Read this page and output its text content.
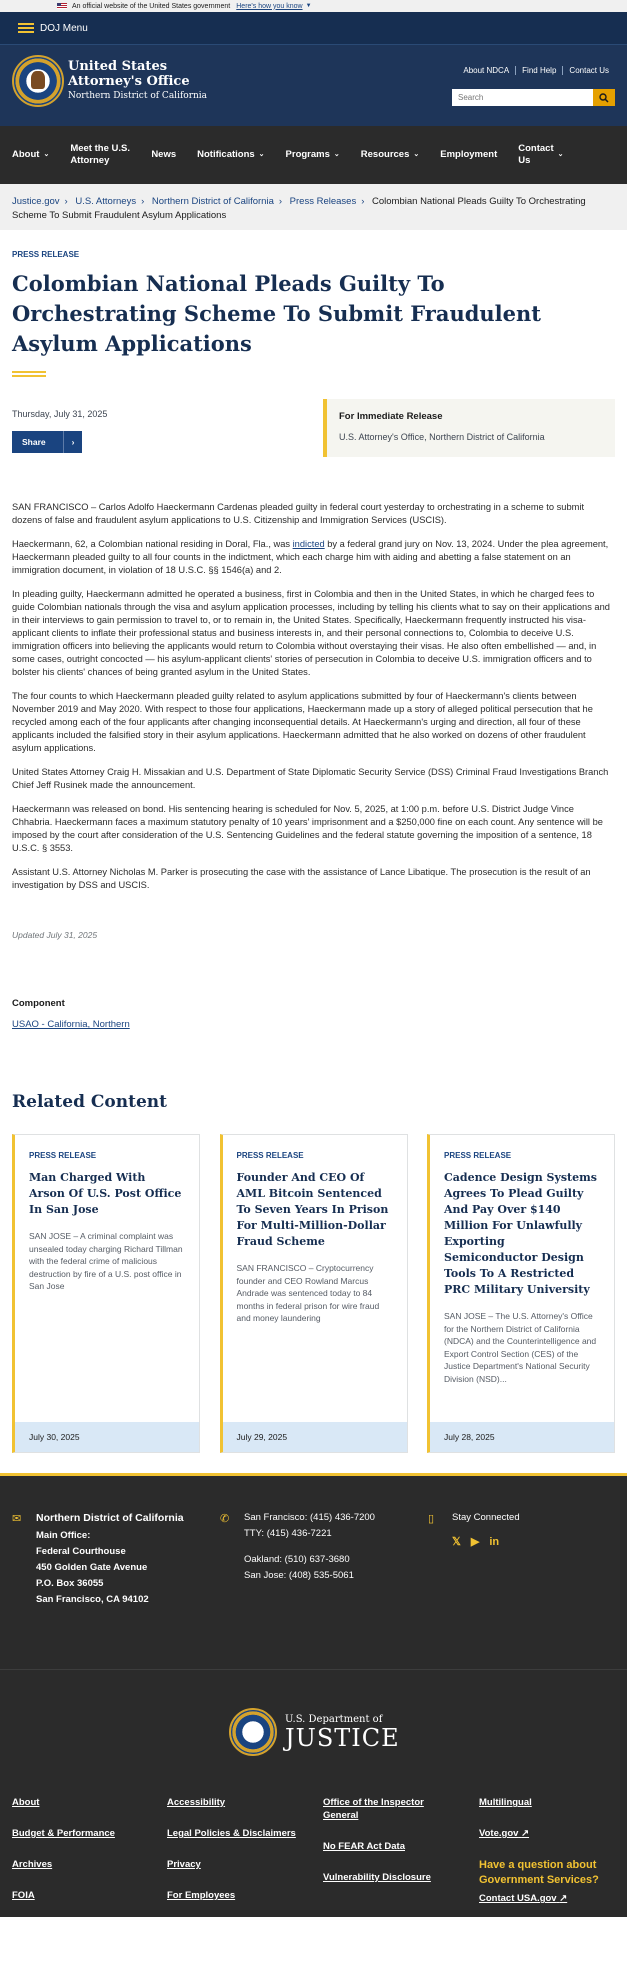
An official website of the United States government Here's how you know ▼
DOJ Menu
United States
Attorney's Office
Northern District of California
About NDCA	Find Help	Contact Us
Search
About ⌄
Meet the U.S. Attorney
News Notifications ⌄ Programs ⌄ Resources ⌄ Employment
Contact Us
⌄
Justice.gov › U.S. Attorneys › Northern District of California › Press Releases › Colombian National Pleads Guilty To Orchestrating Scheme To Submit Fraudulent Asylum Applications
PRESS RELEASE
Colombian National Pleads Guilty To Orchestrating Scheme To Submit Fraudulent Asylum Applications
Thursday, July 31, 2025
Share	›
For Immediate Release
U.S. Attorney's Office, Northern District of California

SAN FRANCISCO – Carlos Adolfo Haeckermann Cardenas pleaded guilty in federal court yesterday to orchestrating in a scheme to submit dozens of false and fraudulent asylum applications to U.S. Citizenship and Immigration Services (USCIS).

Haeckermann, 62, a Colombian national residing in Doral, Fla., was indicted by a federal grand jury on Nov. 13, 2024. Under the plea agreement, Haeckermann pleaded guilty to all four counts in the indictment, which each charge him with aiding and abetting a false statement on an immigration document, in violation of 18 U.S.C. §§ 1546(a) and 2.

In pleading guilty, Haeckermann admitted he operated a business, first in Colombia and then in the United States, in which he charged fees to guide Colombian nationals through the visa and asylum application processes, including by telling his clients what to say on their applications and in their interviews to gain permission to travel to, or to remain in, the United States. Specifically, Haeckermann frequently instructed his visa-applicant clients to inflate their professional status and business interests in, and their personal connections to, Colombia to deceive U.S. immigration officers into believing the applicants would return to Colombia without overstaying their visas. He also often embellished — and, in some cases, outright concocted — his asylum-applicant clients' stories of persecution in Colombia to deceive U.S. immigration officers and to bolster his clients' chances of being granted asylum in the United States.

The four counts to which Haeckermann pleaded guilty related to asylum applications submitted by four of Haeckermann's clients between November 2019 and May 2020. With respect to those four applications, Haeckermann made up a story of alleged political persecution that he recycled among each of the four applicants after changing inconsequential details. At Haeckermann's urging and direction, all four of these applicants included the falsified story in their asylum applications. Haeckermann admitted that he also worked on dozens of other fraudulent asylum applications.

United States Attorney Craig H. Missakian and U.S. Department of State Diplomatic Security Service (DSS) Criminal Fraud Investigations Branch Chief Jeff Rusinek made the announcement.

Haeckermann was released on bond. His sentencing hearing is scheduled for Nov. 5, 2025, at 1:00 p.m. before U.S. District Judge Vince Chhabria. Haeckermann faces a maximum statutory penalty of 10 years' imprisonment and a $250,000 fine on each count. Any sentence will be imposed by the court after consideration of the U.S. Sentencing Guidelines and the federal statute governing the imposition of a sentence, 18 U.S.C. § 3553.

Assistant U.S. Attorney Nicholas M. Parker is prosecuting the case with the assistance of Lance Libatique. The prosecution is the result of an investigation by DSS and USCIS.

Updated July 31, 2025
Component
USAO - California, Northern
Related Content
PRESS RELEASE
Man Charged With Arson Of U.S. Post Office In San Jose
SAN JOSE – A criminal complaint was unsealed today charging Richard Tillman with the federal crime of malicious destruction by fire of a U.S. post office in San Jose
July 30, 2025
PRESS RELEASE
Founder And CEO Of AML Bitcoin Sentenced To Seven Years In Prison For Multi-Million-Dollar Fraud Scheme
SAN FRANCISCO – Cryptocurrency founder and CEO Rowland Marcus Andrade was sentenced today to 84 months in federal prison for wire fraud and money laundering
July 29, 2025
PRESS RELEASE
Cadence Design Systems Agrees To Plead Guilty And Pay Over $140 Million For Unlawfully Exporting Semiconductor Design Tools To A Restricted PRC Military University
SAN JOSE – The U.S. Attorney's Office for the Northern District of California (NDCA) and the Counterintelligence and Export Control Section (CES) of the Justice Department's National Security Division (NSD)...
July 28, 2025
✉ Northern District of California
Main Office:
Federal Courthouse
450 Golden Gate Avenue
P.O. Box 36055
San Francisco, CA 94102
✆ San Francisco: (415) 436-7200
TTY: (415) 436-7221
Oakland: (510) 637-3680
San Jose: (408) 535-5061
▯ Stay Connected
𝕏 ▶ in
U.S. Department of
JUSTICE
About
Budget & Performance
Archives
FOIA
Accessibility
Legal Policies & Disclaimers
Privacy
For Employees
Office of the Inspector General
No FEAR Act Data
Vulnerability Disclosure
Multilingual
Vote.gov ↗
Have a question about Government Services?
Contact USA.gov ↗
